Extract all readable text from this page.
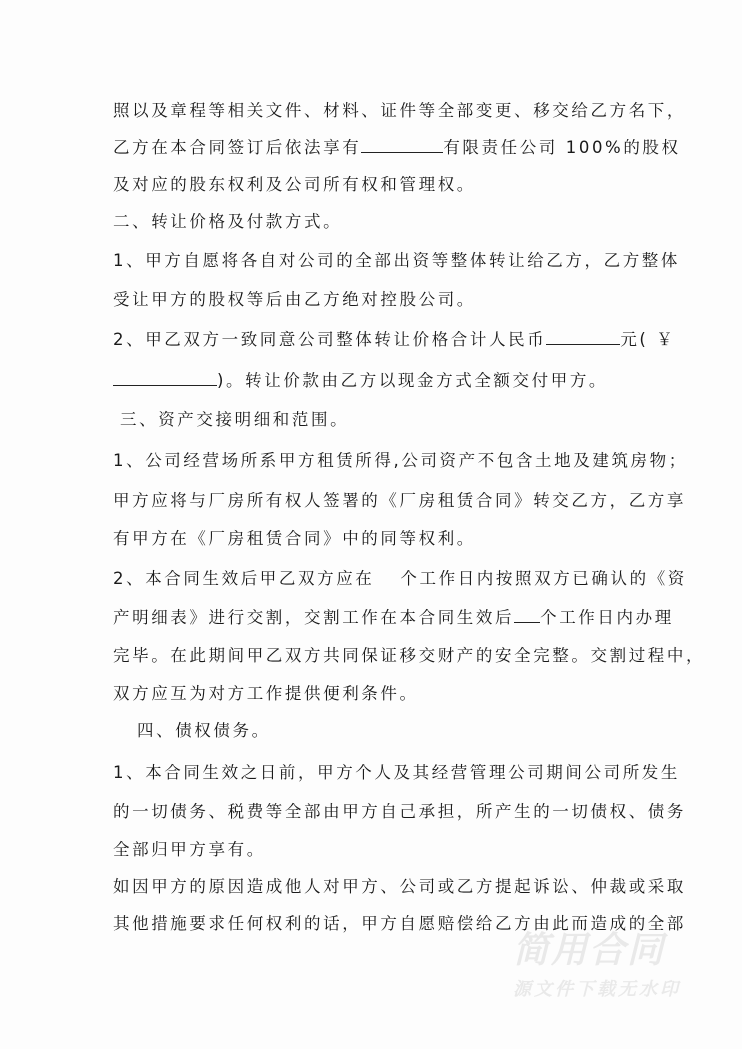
照以及章程等相关文件、材料、证件等全部变更、移交给乙方名下，
乙方在本合同签订后依法享有	有限责任公司 100%的股权
及对应的股东权利及公司所有权和管理权。
二、转让价格及付款方式。
1、甲方自愿将各自对公司的全部出资等整体转让给乙方，乙方整体
受让甲方的股权等后由乙方绝对控股公司。
2、甲乙双方一致同意公司整体转让价格合计人民币	元( ￥
)。转让价款由乙方以现金方式全额交付甲方。
三、资产交接明细和范围。
1、公司经营场所系甲方租赁所得,公司资产不包含土地及建筑房物；
甲方应将与厂房所有权人签署的《厂房租赁合同》转交乙方，乙方享
有甲方在《厂房租赁合同》中的同等权利。
2、本合同生效后甲乙双方应在 个工作日内按照双方已确认的《资
产明细表》进行交割，交割工作在本合同生效后 个工作日内办理
完毕。在此期间甲乙双方共同保证移交财产的安全完整。交割过程中，
双方应互为对方工作提供便利条件。
四、债权债务。
1、本合同生效之日前，甲方个人及其经营管理公司期间公司所发生
的一切债务、税费等全部由甲方自己承担，所产生的一切债权、债务
全部归甲方享有。
如因甲方的原因造成他人对甲方、公司或乙方提起诉讼、仲裁或采取
其他措施要求任何权利的话，甲方自愿赔偿给乙方由此而造成的全部
简用合同
源文件下载无水印
